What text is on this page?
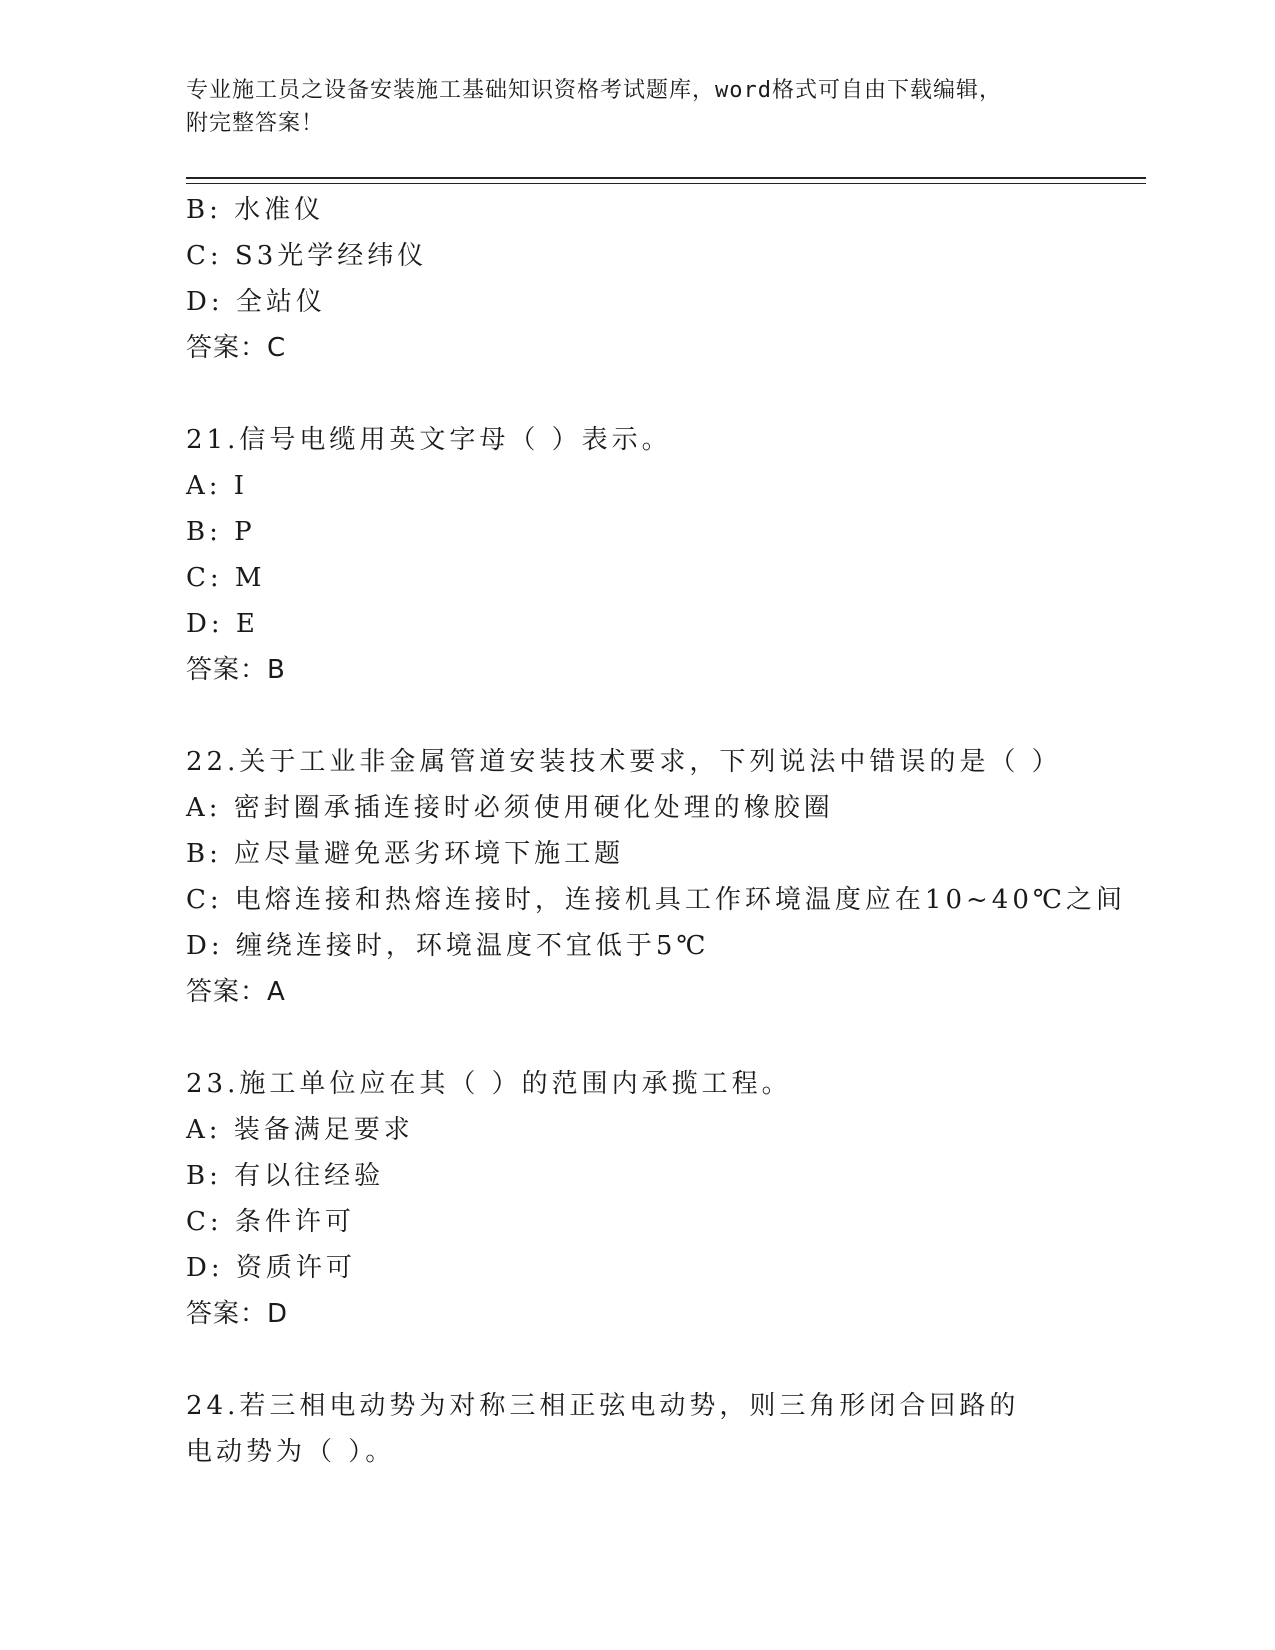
专业施工员之设备安装施工基础知识资格考试题库，word格式可自由下载编辑，
附完整答案！
B: 水准仪
C: S3光学经纬仪
D: 全站仪
答案：C
21.信号电缆用英文字母（ ）表示。
A: I
B: P
C: M
D: E
答案：B
22.关于工业非金属管道安装技术要求，下列说法中错误的是（ ）
A: 密封圈承插连接时必须使用硬化处理的橡胶圈
B: 应尽量避免恶劣环境下施工题
C: 电熔连接和热熔连接时，连接机具工作环境温度应在10~40℃之间
D: 缠绕连接时，环境温度不宜低于5℃
答案：A
23.施工单位应在其（ ）的范围内承揽工程。
A: 装备满足要求
B: 有以往经验
C: 条件许可
D: 资质许可
答案：D
24.若三相电动势为对称三相正弦电动势，则三角形闭合回路的电动势为（ ）。
